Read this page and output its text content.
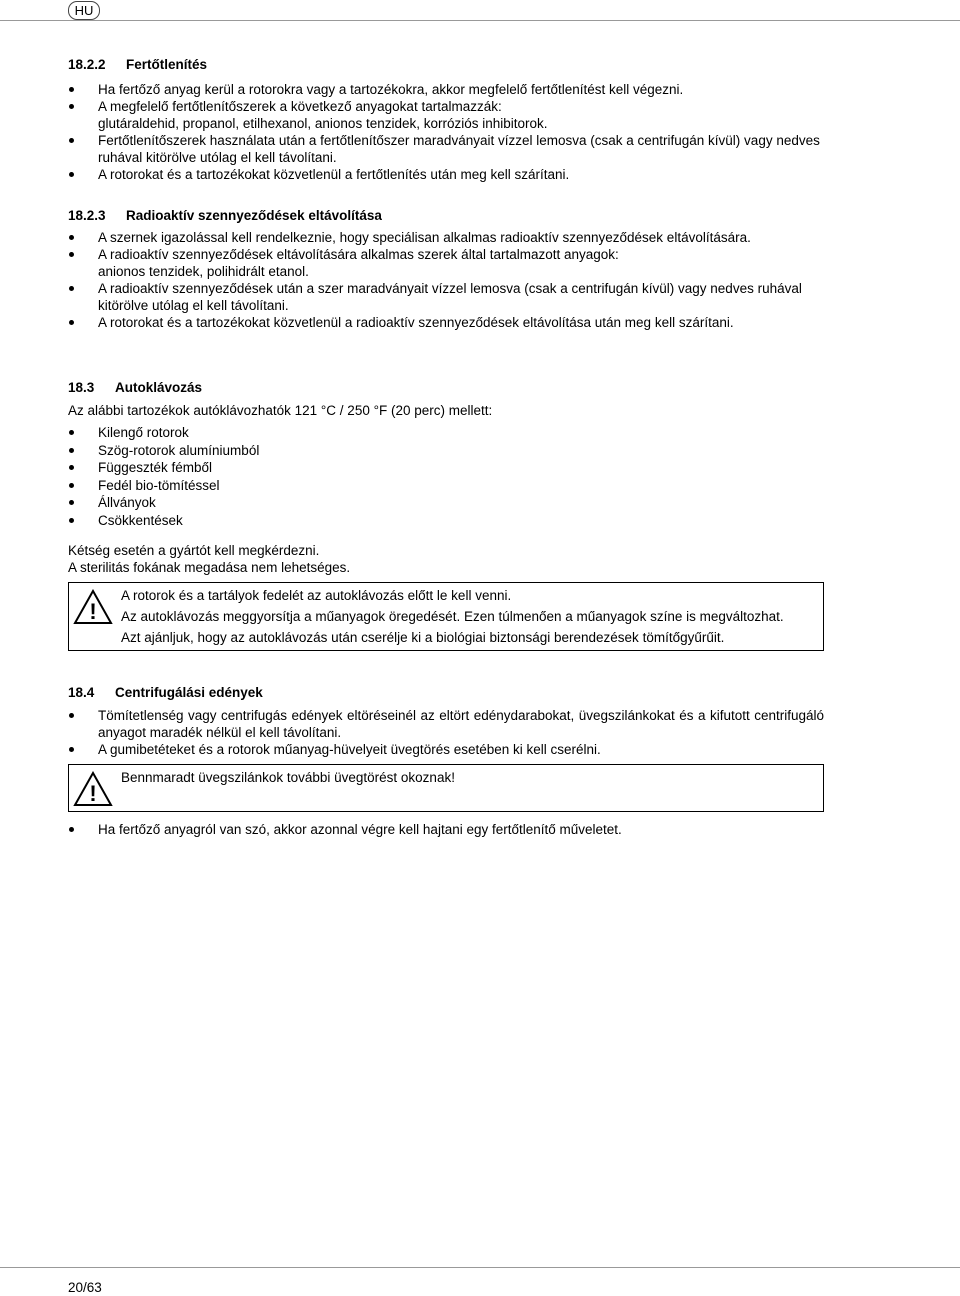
HU
18.2.2 Fertőtlenítés
Ha fertőző anyag kerül a rotorokra vagy a tartozékokra, akkor megfelelő fertőtlenítést kell végezni.
A megfelelő fertőtlenítőszerek a következő anyagokat tartalmazzák:
glutáraldehid, propanol, etilhexanol, anionos tenzidek, korróziós inhibitorok.
Fertőtlenítőszerek használata után a fertőtlenítőszer maradványait vízzel lemosva (csak a centrifugán kívül) vagy nedves ruhával kitörölve utólag el kell távolítani.
A rotorokat és a tartozékokat közvetlenül a fertőtlenítés után meg kell szárítani.
18.2.3 Radioaktív szennyeződések eltávolítása
A szernek igazolással kell rendelkeznie, hogy speciálisan alkalmas radioaktív szennyeződések eltávolítására.
A radioaktív szennyeződések eltávolítására alkalmas szerek által tartalmazott anyagok:
anionos tenzidek, polihidrált etanol.
A radioaktív szennyeződések után a szer maradványait vízzel lemosva (csak a centrifugán kívül) vagy nedves ruhával kitörölve utólag el kell távolítani.
A rotorokat és a tartozékokat közvetlenül a radioaktív szennyeződések eltávolítása után meg kell szárítani.
18.3 Autoklávozás

Az alábbi tartozékok autóklávozhatók 121 °C / 250 °F (20 perc) mellett:

Kilengő rotorok
Szög-rotorok alumíniumból
Függeszték fémből
Fedél bio-tömítéssel
Állványok
Csökkentések

Kétség esetén a gyártót kell megkérdezni.

A sterilitás fokának megadása nem lehetséges.

!

A rotorok és a tartályok fedelét az autoklávozás előtt le kell venni.

Az autoklávozás meggyorsítja a műanyagok öregedését. Ezen túlmenően a műanyagok színe is megváltozhat.

Azt ajánljuk, hogy az autoklávozás után cserélje ki a biológiai biztonsági berendezések tömítőgyűrűit.

18.4 Centrifugálási edények
Tömítetlenség vagy centrifugás edények eltöréseinél az eltört edénydarabokat, üvegszilánkokat és a kifutott centrifugáló anyagot maradék nélkül el kell távolítani.
A gumibetéteket és a rotorok műanyag-hüvelyeit üvegtörés esetében ki kell cserélni.
!

Bennmaradt üvegszilánkok további üvegtörést okoznak!

Ha fertőző anyagról van szó, akkor azonnal végre kell hajtani egy fertőtlenítő műveletet.
20/63
